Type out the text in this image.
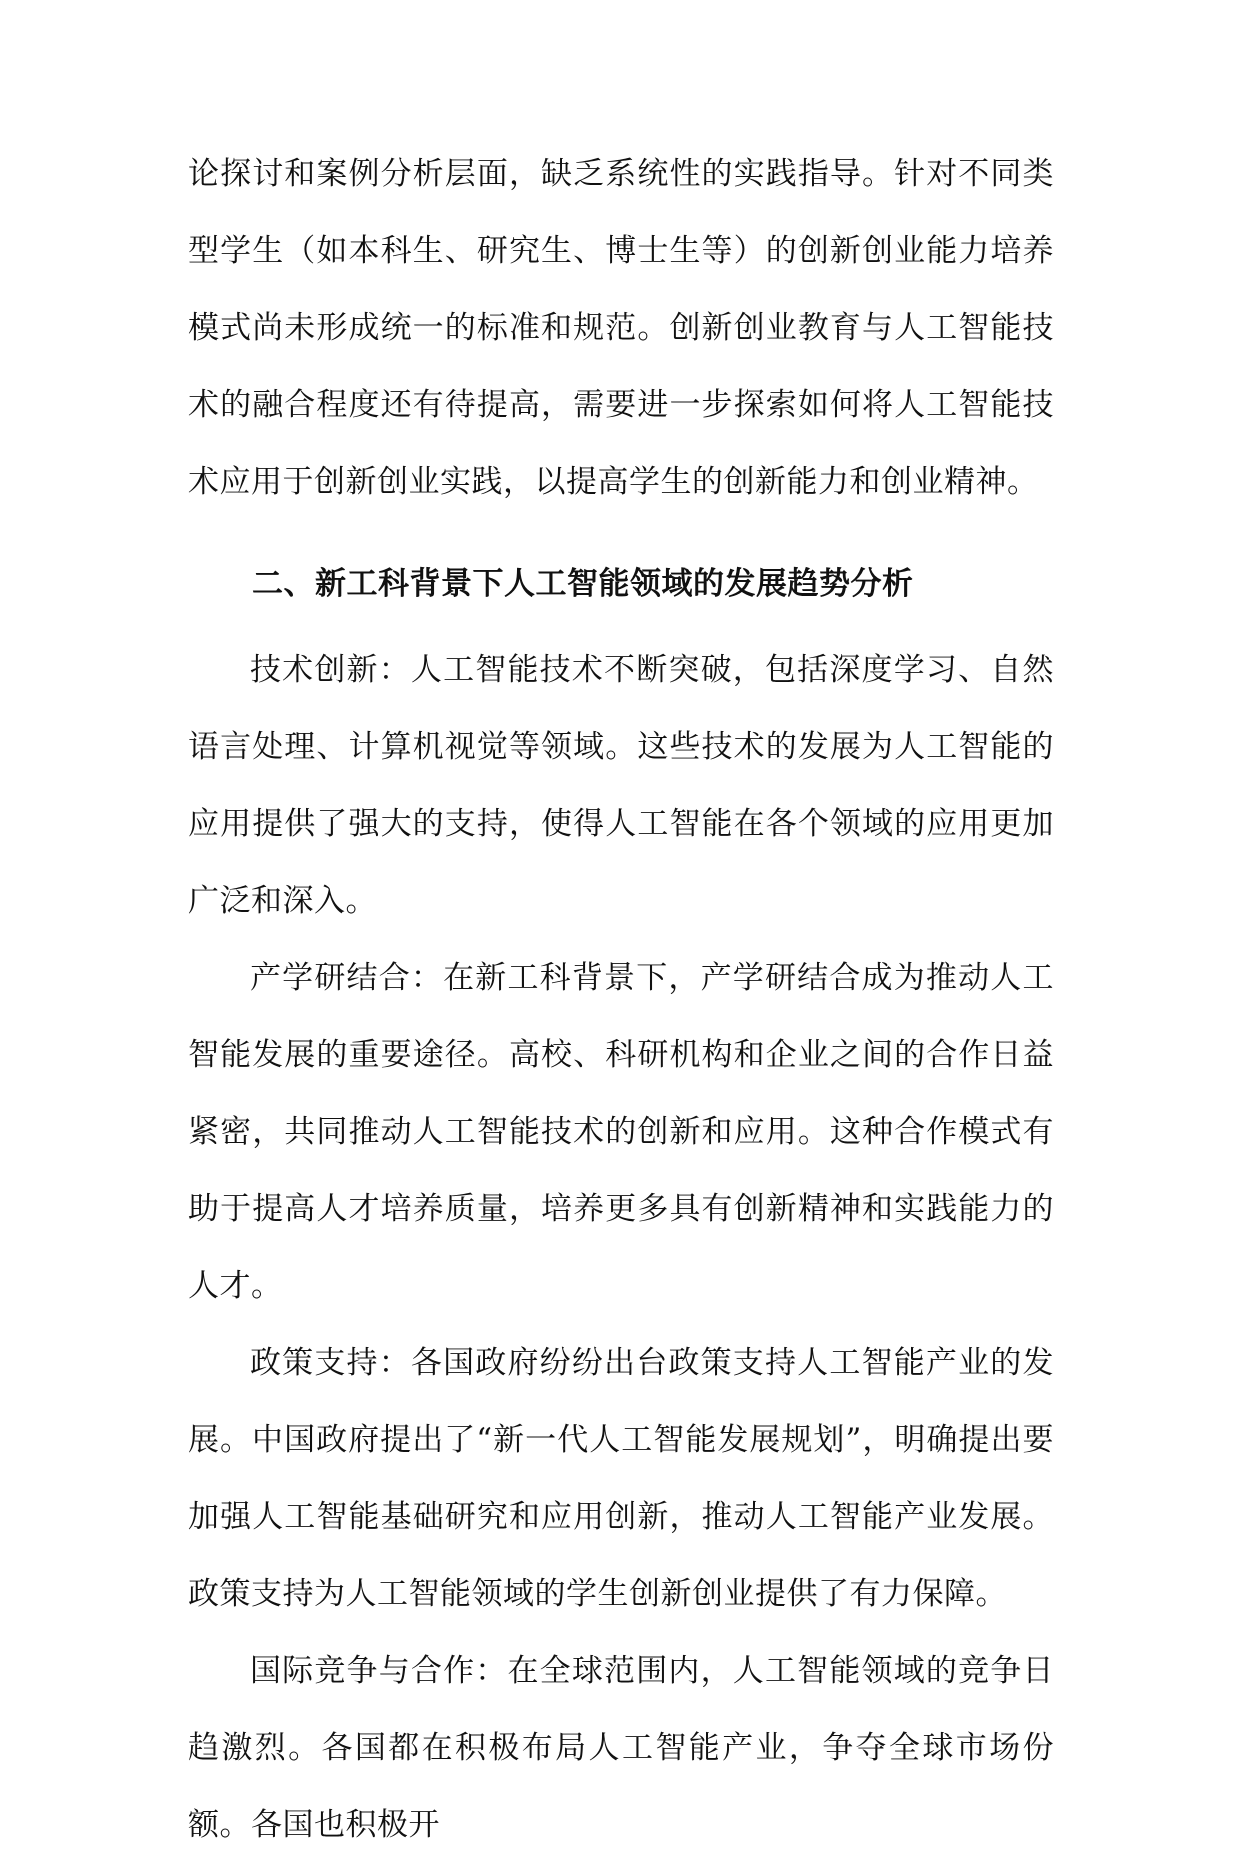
论探讨和案例分析层面，缺乏系统性的实践指导。针对不同类型学生（如本科生、研究生、博士生等）的创新创业能力培养模式尚未形成统一的标准和规范。创新创业教育与人工智能技术的融合程度还有待提高，需要进一步探索如何将人工智能技术应用于创新创业实践，以提高学生的创新能力和创业精神。

二、新工科背景下人工智能领域的发展趋势分析

技术创新：人工智能技术不断突破，包括深度学习、自然语言处理、计算机视觉等领域。这些技术的发展为人工智能的应用提供了强大的支持，使得人工智能在各个领域的应用更加广泛和深入。

产学研结合：在新工科背景下，产学研结合成为推动人工智能发展的重要途径。高校、科研机构和企业之间的合作日益紧密，共同推动人工智能技术的创新和应用。这种合作模式有助于提高人才培养质量，培养更多具有创新精神和实践能力的人才。

政策支持：各国政府纷纷出台政策支持人工智能产业的发展。中国政府提出了“新一代人工智能发展规划”，明确提出要加强人工智能基础研究和应用创新，推动人工智能产业发展。政策支持为人工智能领域的学生创新创业提供了有力保障。

国际竞争与合作：在全球范围内，人工智能领域的竞争日趋激烈。各国都在积极布局人工智能产业，争夺全球市场份额。各国也积极开
